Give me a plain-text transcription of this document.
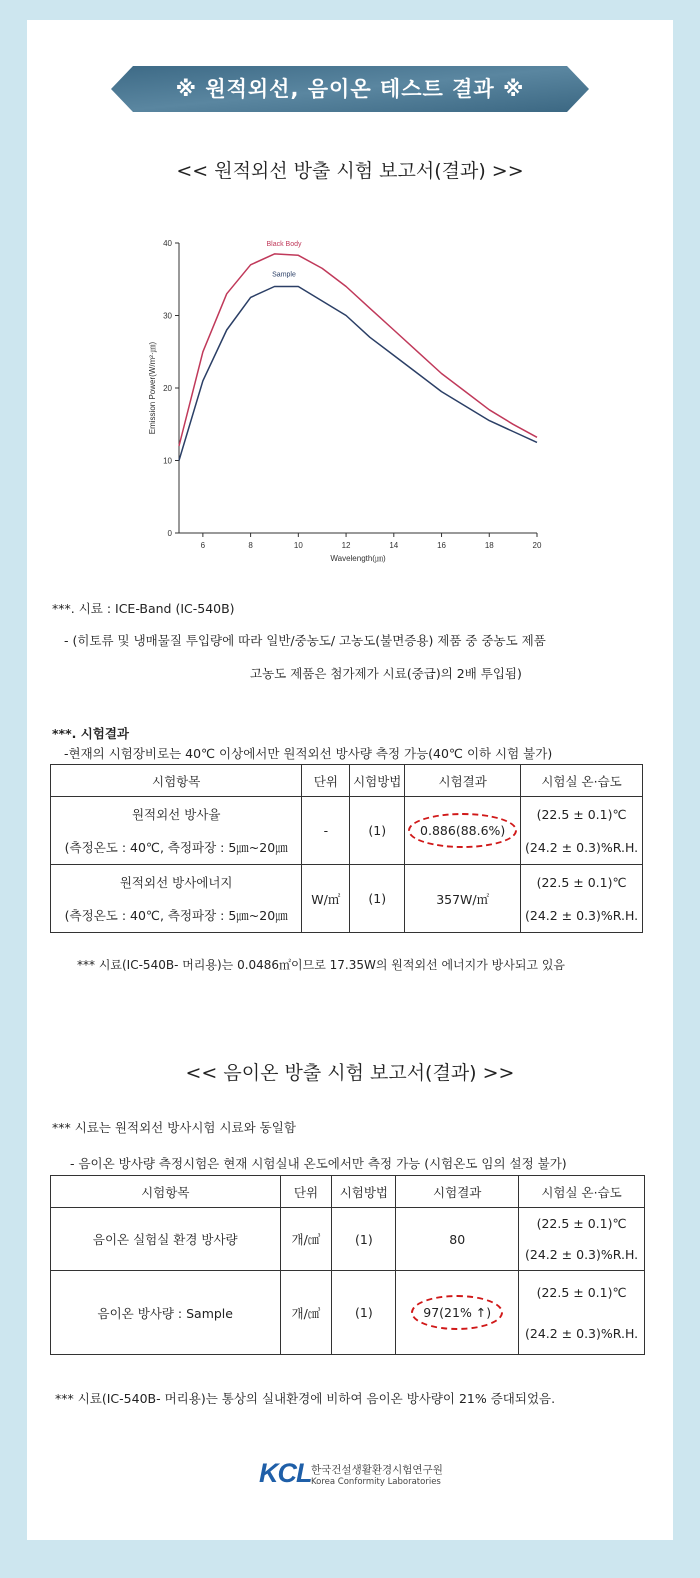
※ 원적외선, 음이온 테스트 결과 ※
<< 원적외선 방출 시험 보고서(결과) >>
0
10
20
30
40
6	8	10	12	14	16	18	20
Wavelength(㎛)
Emission Power(W/m²·㎛)
Black Body
Sample
***. 시료 : ICE-Band (IC-540B)
- (히토류 및 냉매물질 투입량에 따라 일반/중농도/ 고농도(불면증용) 제품 중 중농도 제품
고농도 제품은 첨가제가 시료(중급)의 2배 투입됨)
***. 시험결과
-현재의 시험장비로는 40℃ 이상에서만 원적외선 방사량 측정 가능(40℃ 이하 시험 불가)
시험항목	단위	시험방법	시험결과	시험실 온·습도

원적외선 방사율
(측정온도 : 40℃, 측정파장 : 5㎛~20㎛	-	(1)	0.886(88.6%)	(22.5 ± 0.1)℃
(24.2 ± 0.3)%R.H.

원적외선 방사에너지
(측정온도 : 40℃, 측정파장 : 5㎛~20㎛	W/㎡	(1)	357W/㎡	(22.5 ± 0.1)℃
(24.2 ± 0.3)%R.H.
*** 시료(IC-540B- 머리용)는 0.0486㎡이므로 17.35W의 원적외선 에너지가 방사되고 있음
<< 음이온 방출 시험 보고서(결과) >>
*** 시료는 원적외선 방사시험 시료와 동일함
- 음이온 방사량 측정시험은 현재 시험실내 온도에서만 측정 가능 (시험온도 임의 설정 불가)
시험항목	단위	시험방법	시험결과	시험실 온·습도
음이온 실험실 환경 방사량	개/㎤	(1)	80	(22.5 ± 0.1)℃
(24.2 ± 0.3)%R.H.

음이온 방사량 : Sample	개/㎤	(1)	97(21% ↑)	(22.5 ± 0.1)℃
(24.2 ± 0.3)%R.H.
*** 시료(IC-540B- 머리용)는 통상의 실내환경에 비하여 음이온 방사량이 21% 증대되었음.
KCL 한국건설생활환경시험연구원
Korea Conformity Laboratories
